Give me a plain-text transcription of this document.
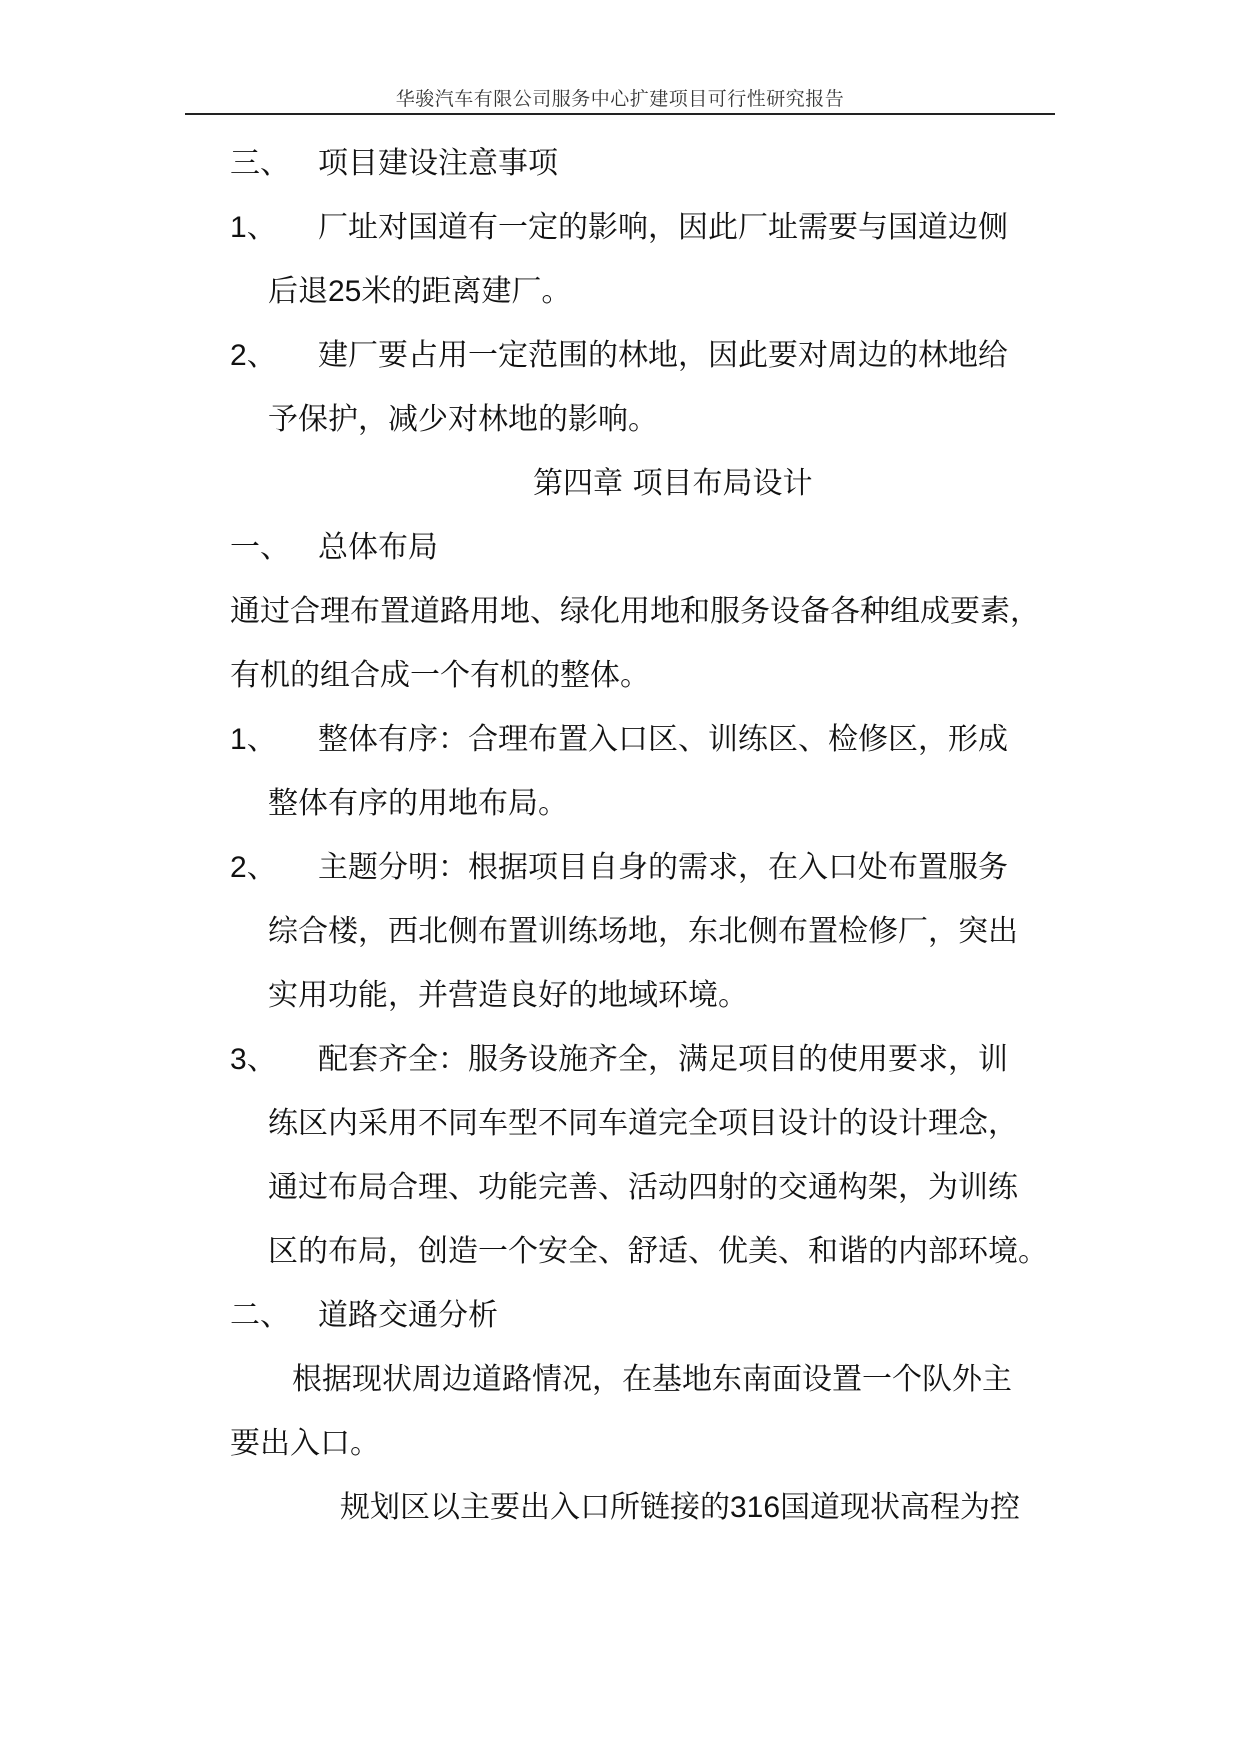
华骏汽车有限公司服务中心扩建项目可行性研究报告
三、 项目建设注意事项
1、 厂址对国道有一定的影响，因此厂址需要与国道边侧
后退25米的距离建厂。
2、 建厂要占用一定范围的林地，因此要对周边的林地给
予保护，减少对林地的影响。
第四章 项目布局设计
一、 总体布局
通过合理布置道路用地、绿化用地和服务设备各种组成要素，
有机的组合成一个有机的整体。
1、 整体有序：合理布置入口区、训练区、检修区，形成
整体有序的用地布局。
2、 主题分明：根据项目自身的需求，在入口处布置服务
综合楼，西北侧布置训练场地，东北侧布置检修厂，突出
实用功能，并营造良好的地域环境。
3、 配套齐全：服务设施齐全，满足项目的使用要求，训
练区内采用不同车型不同车道完全项目设计的设计理念，
通过布局合理、功能完善、活动四射的交通构架，为训练
区的布局，创造一个安全、舒适、优美、和谐的内部环境。
二、 道路交通分析
根据现状周边道路情况，在基地东南面设置一个队外主
要出入口。
规划区以主要出入口所链接的316国道现状高程为控
